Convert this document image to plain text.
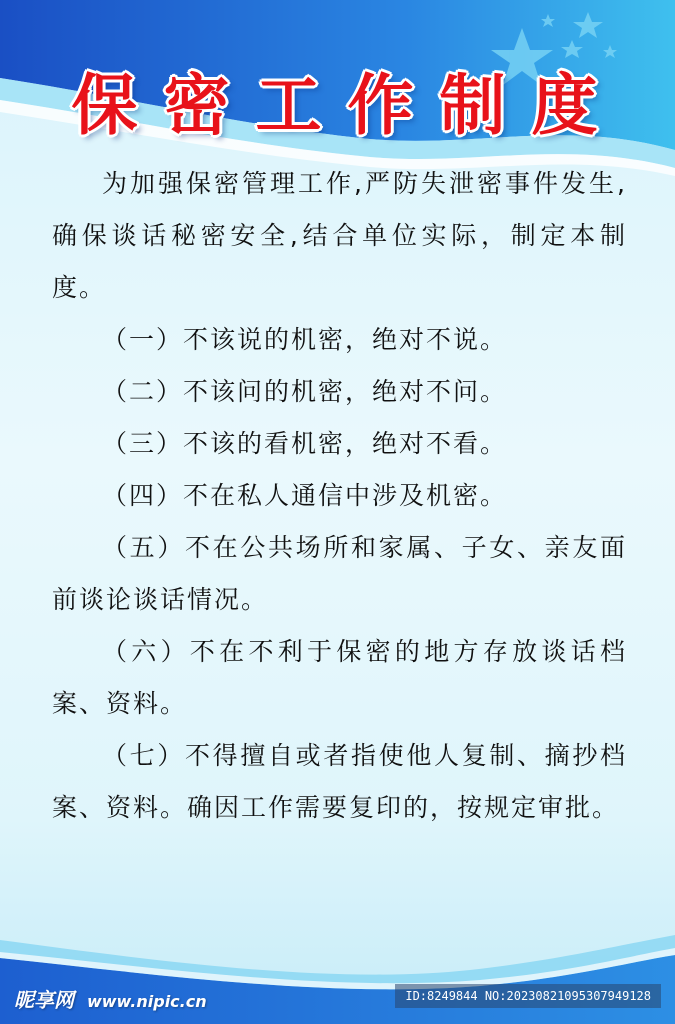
保密工作制度

为加强保密管理工作,严防失泄密事件发生,确保谈话秘密安全,结合单位实际，制定本制度。

（一）不该说的机密，绝对不说。

（二）不该问的机密，绝对不问。

（三）不该的看机密，绝对不看。

（四）不在私人通信中涉及机密。

（五）不在公共场所和家属、子女、亲友面前谈论谈话情况。

（六）不在不利于保密的地方存放谈话档案、资料。

（七）不得擅自或者指使他人复制、摘抄档案、资料。确因工作需要复印的，按规定审批。

昵享网 www.nipic.cn	ID:8249844 NO:20230821095307949128
